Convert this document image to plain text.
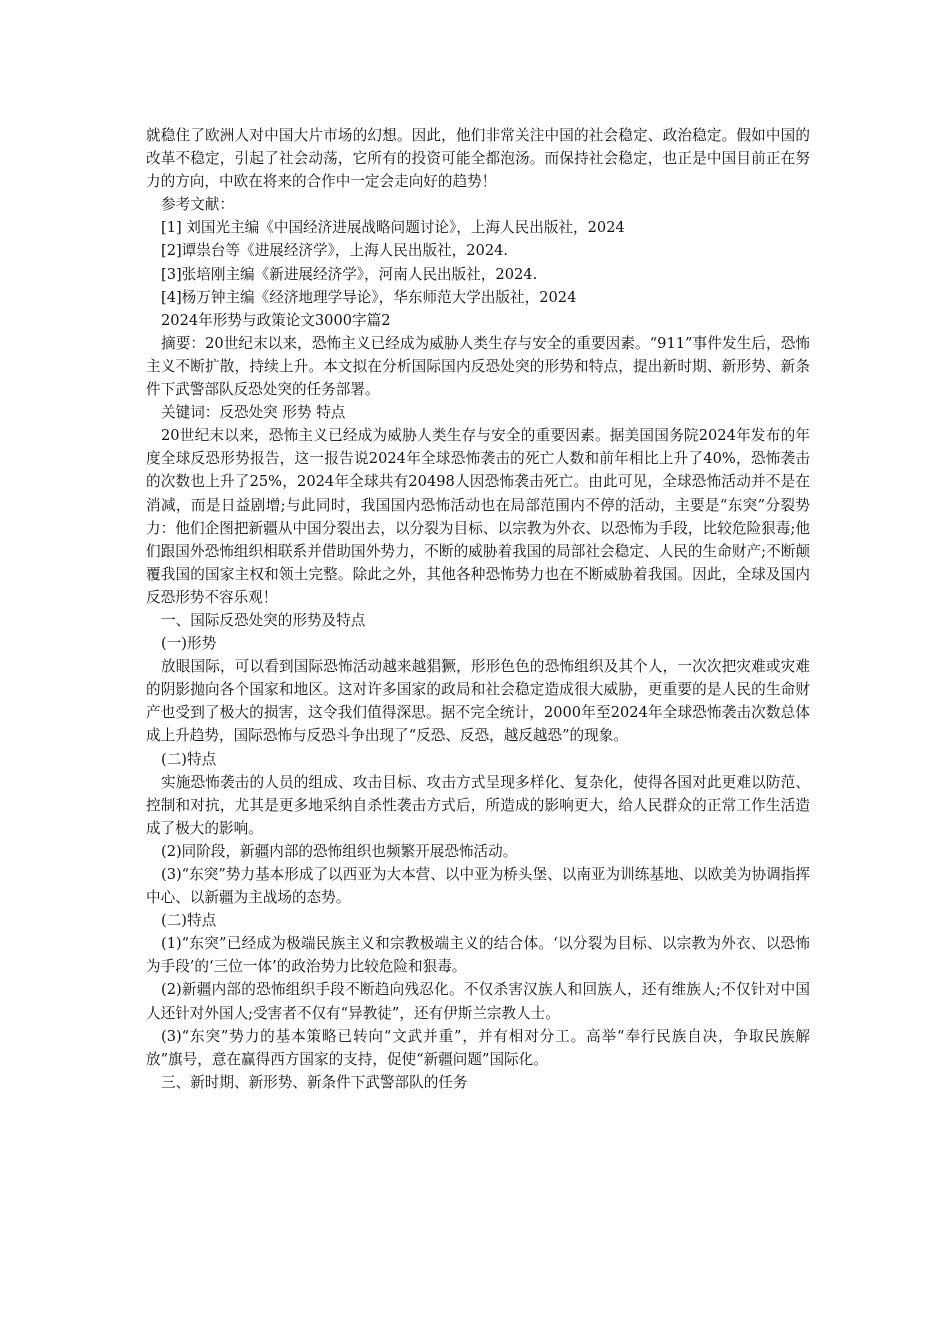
就稳住了欧洲人对中国大片市场的幻想。因此，他们非常关注中国的社会稳定、政治稳定。假如中国的改革不稳定，引起了社会动荡，它所有的投资可能全都泡汤。而保持社会稳定，也正是中国目前正在努力的方向，中欧在将来的合作中一定会走向好的趋势！

参考文献：

[1] 刘国光主编《中国经济进展战略问题讨论》，上海人民出版社，2024

[2]谭祟台等《进展经济学》，上海人民出版社，2024.

[3]张培刚主编《新进展经济学》，河南人民出版社，2024.

[4]杨万钟主编《经济地理学导论》，华东师范大学出版社，2024

2024年形势与政策论文3000字篇2

摘要：20世纪末以来，恐怖主义已经成为威胁人类生存与安全的重要因素。“911”事件发生后，恐怖主义不断扩散，持续上升。本文拟在分析国际国内反恐处突的形势和特点，提出新时期、新形势、新条件下武警部队反恐处突的任务部署。

关键词：反恐处突 形势 特点

20世纪末以来，恐怖主义已经成为威胁人类生存与安全的重要因素。据美国国务院2024年发布的年度全球反恐形势报告，这一报告说2024年全球恐怖袭击的死亡人数和前年相比上升了40%，恐怖袭击的次数也上升了25%，2024年全球共有20498人因恐怖袭击死亡。由此可见，全球恐怖活动并不是在消减，而是日益剧增;与此同时，我国国内恐怖活动也在局部范围内不停的活动，主要是“东突”分裂势力：他们企图把新疆从中国分裂出去，以分裂为目标、以宗教为外衣、以恐怖为手段，比较危险狠毒;他们跟国外恐怖组织相联系并借助国外势力，不断的威胁着我国的局部社会稳定、人民的生命财产;不断颠覆我国的国家主权和领土完整。除此之外，其他各种恐怖势力也在不断威胁着我国。因此，全球及国内反恐形势不容乐观！

一、国际反恐处突的形势及特点

(一)形势

放眼国际，可以看到国际恐怖活动越来越猖獗，形形色色的恐怖组织及其个人，一次次把灾难或灾难的阴影抛向各个国家和地区。这对许多国家的政局和社会稳定造成很大威胁，更重要的是人民的生命财产也受到了极大的损害，这令我们值得深思。据不完全统计，2000年至2024年全球恐怖袭击次数总体成上升趋势，国际恐怖与反恐斗争出现了“反恐、反恐，越反越恐”的现象。

(二)特点

实施恐怖袭击的人员的组成、攻击目标、攻击方式呈现多样化、复杂化，使得各国对此更难以防范、控制和对抗，尤其是更多地采纳自杀性袭击方式后，所造成的影响更大，给人民群众的正常工作生活造成了极大的影响。

(2)同阶段，新疆内部的恐怖组织也频繁开展恐怖活动。

(3)“东突”势力基本形成了以西亚为大本营、以中亚为桥头堡、以南亚为训练基地、以欧美为协调指挥中心、以新疆为主战场的态势。

(二)特点

(1)“东突”已经成为极端民族主义和宗教极端主义的结合体。‘以分裂为目标、以宗教为外衣、以恐怖为手段’的‘三位一体’的政治势力比较危险和狠毒。

(2)新疆内部的恐怖组织手段不断趋向残忍化。不仅杀害汉族人和回族人，还有维族人;不仅针对中国人还针对外国人;受害者不仅有“异教徒”，还有伊斯兰宗教人士。

(3)“东突”势力的基本策略已转向“文武并重”，并有相对分工。高举“奉行民族自决，争取民族解放”旗号，意在赢得西方国家的支持，促使“新疆问题”国际化。

三、新时期、新形势、新条件下武警部队的任务
